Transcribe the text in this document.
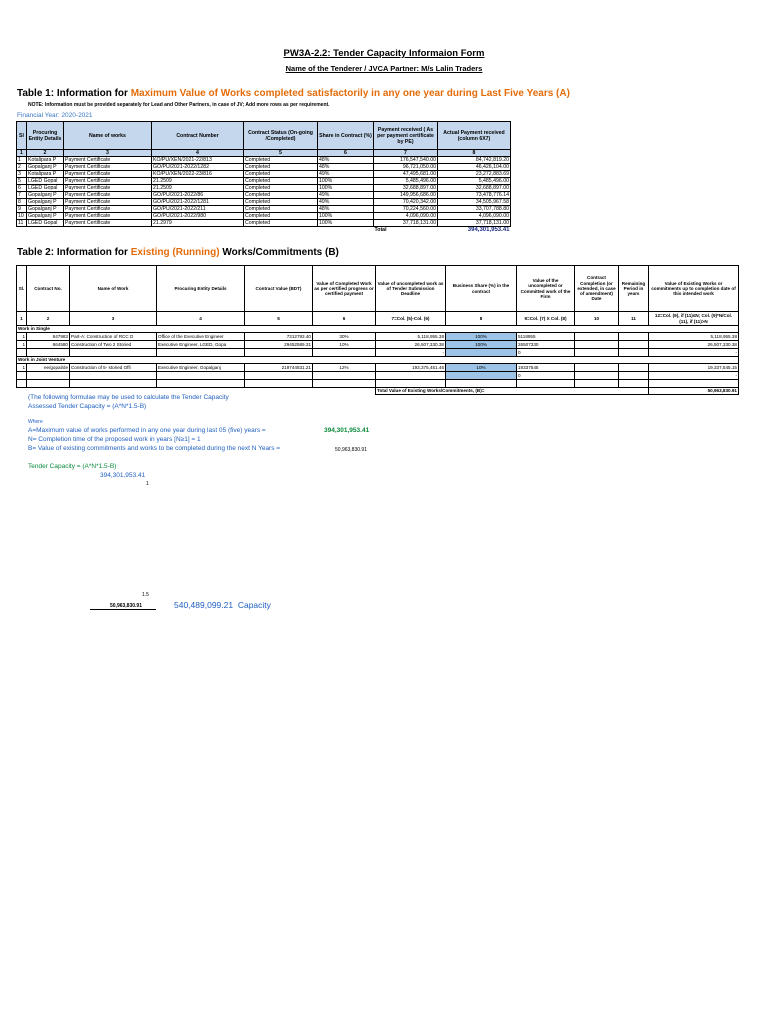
PW3A-2.2: Tender Capacity Informaion Form
Name of the Tenderer / JVCA Partner: M/s Lalin Traders
Table 1: Information for Maximum Value of Works completed satisfactorily in any one year during Last Five Years (A)
NOTE: Information must be provided separately for Lead and Other Partners, in case of JV; Add more rows as per requirement.
Financial Year: 2020-2021
Sl	Procuring Entity Details	Name of works	Contract Number	Contract Status (On-going /Completed)	Share in Contract (%)	Payment received ( As per payment certificate by PE)	Actual Payment received (column 6X7)
1	2	3	4	5	6	7	8
1	Kotalipara P	Payment Certificate	KO/PU/XEN/2021-22/813	Completed	48%	176,547,540.00	84,742,819.20
2	Gopalganj P	Payment Certificate	GO/PU/2021-2022/1282	Completed	48%	96,721,050.00	46,426,104.00
3	Kotalipara P	Payment Certificate	KO/PU/XEN/2022-23/816	Completed	49%	47,495,681.00	23,272,883.69
5	LGED Gopal	Payment Certificate	21.2509	Completed	100%	5,485,496.00	5,485,496.00
6	LGED Gopal	Payment Certificate	21.2509	Completed	100%	32,688,897.00	32,688,897.00
7	Gopalganj P	Payment Certificate	GO/PU/2021-2022/86	Completed	49%	149,956,686.00	73,478,776.14
8	Gopalganj P	Payment Certificate	GO/PU/2021-2022/1281	Completed	49%	70,420,342.00	34,505,967.58
9	Gopalganj P	Payment Certificate	GO/PU/2021-2022/211	Completed	48%	70,224,560.00	33,707,788.80
10	Gopalganj P	Payment Certificate	GO/PU/2021-2022/980	Completed	100%	4,096,090.00	4,096,090.00
11	LGED Gopal	Payment Certificate	21.2979	Completed	100%	37,718,131.00	37,718,131.00
						Total	394,301,953.41
Table 2: Information for Existing (Running) Works/Commitments (B)
Sl.	Contract No.	Name of Work	Procuring Entity Details	Contract Value (BDT)	Value of Completed Work as per certified progress or certified payment	Value of uncompleted work as of Tender Submission Deadline	Business Share (%) in the contract	Value of the uncompleted or Committed work of the Firm	Contract Completion (or extended, in case of amendment) Date	Remaining Period in years	Value of Existing Works or commitments up to completion date of this intended work
1	2	3	4	5	6	7=Col. (5)-Col. (6)	8	9=Col. (7) X Col. (8)	10	11	12=Col. (9), if (11)≤N; Col. (9)*N/Col. (11), if (11)>N
Work in Single											
1	847983	Part-A: Construction of RCC D	Office of the Executive Engineer	7312793.40	30%	5,118,955.38	100%	5118955			5,118,955.38
1	864580	Construction of Two 2 Storied	Executive Engineer, LGED, Gopa	29452589.31	10%	26,507,330.38	100%	26507330			26,507,330.38
						-		0			-
Work in Joint Venture											
1	ee/gopal/de	Construction of 5- storied Offi	Executive Engineer, Gopalganj	219744831.21	12%	193,375,451.46	10%	19337545			19,337,545.15
								0			-

						Total Value of Existing Works/Commitments, (B)=					50,963,830.91
(The following formulae may be used to calculate the Tender Capacity
Assessed Tender Capacity = (A*N*1.5-B)
Where
A=Maximum value of works performed in any one year during last 05 (five) years =	394,301,953.41
N= Completion time of the proposed work in years [N≥1] = 1
B= Value of existing commitments and works to be completed during the next N Years =	50,963,830.91
Tender Capacity = (A*N*1.5-B)
394,301,953.41
1
1.5
50,963,830.91	540,489,099.21 Capacity
